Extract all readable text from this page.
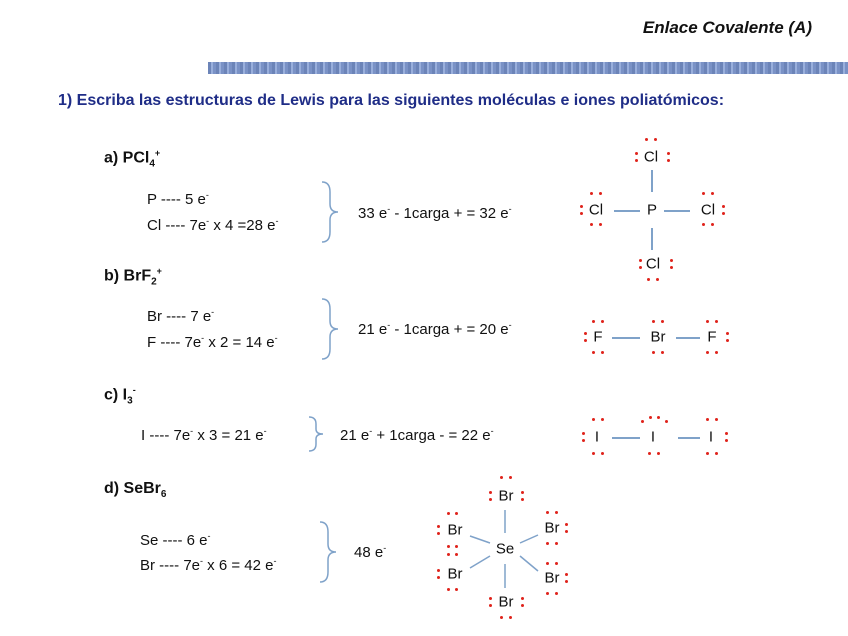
Enlace Covalente (A)
1) Escriba las estructuras de Lewis para las siguientes moléculas e iones poliatómicos:
a) PCl$_4$+
P ---- 5 e-
Cl ---- 7e- x 4 =28 e-	33 e- - 1carga + = 32 e-
Cl
Cl	P	Cl
Cl
b) BrF$_2$+
Br ---- 7 e-
F ---- 7e- x 2 = 14 e-	21 e- - 1carga + = 20 e-
F	Br	F
c) $I_3^-$
I ---- 7e- x 3 = 21 e-	21 e- + 1carga - = 22 e-	I	I	I
d) SeBr$_6$
Se ---- 6 e-
Br ---- 7e- x 6 = 42 e-	48 e-
Br
Br	Br
Se
Br	Br
Br
